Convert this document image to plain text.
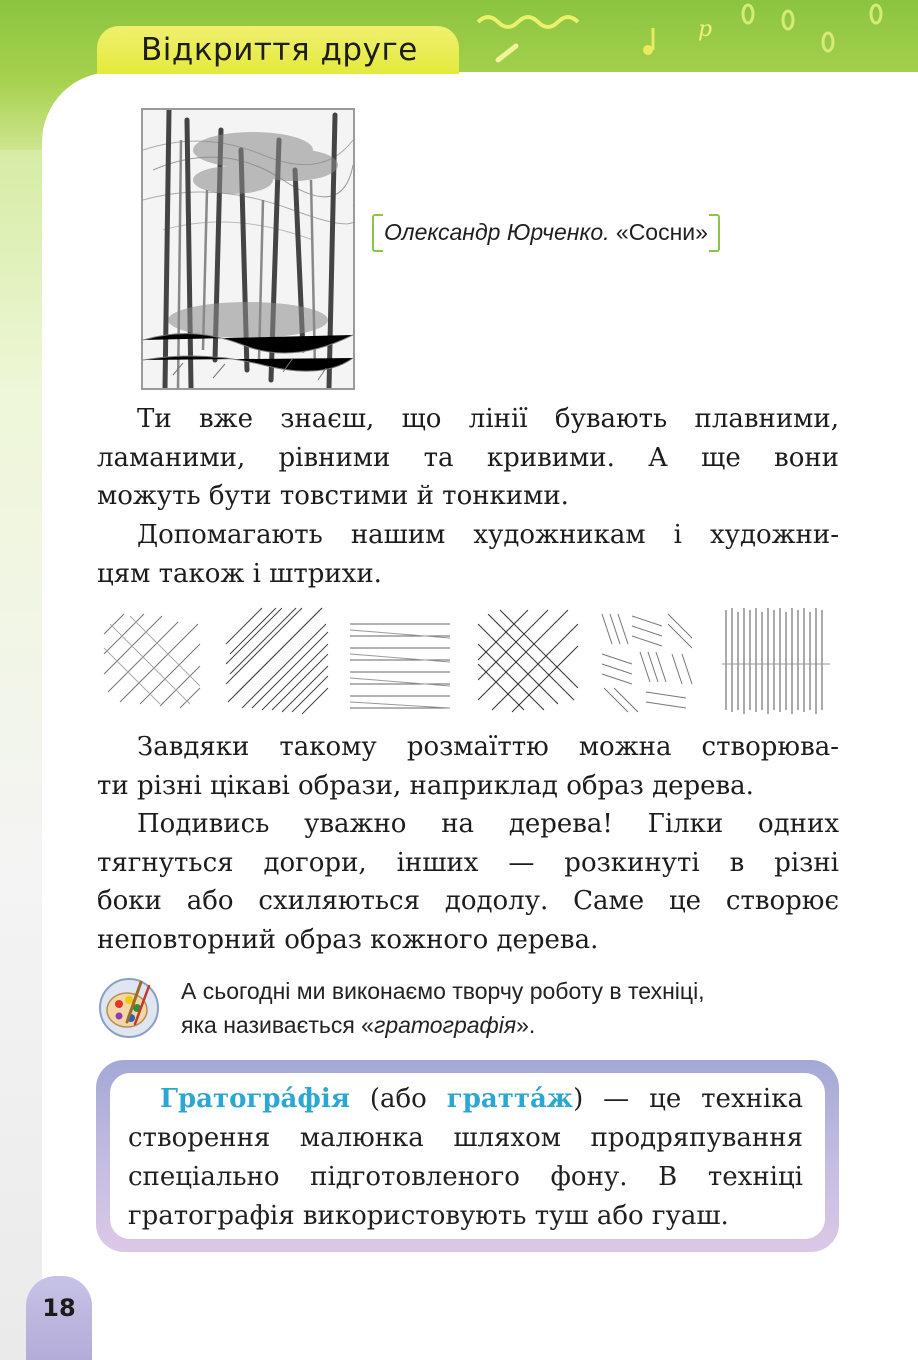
p
Відкриття друге
Олександр Юрченко. «Сосни»
Ти вже знаєш, що лінії бувають плавними,
ламаними, рівними та кривими. А ще вони
можуть бути товстими й тонкими.
Допомагають нашим художникам і художни-
цям також і штрихи.
Завдяки такому розмаїттю можна створюва-
ти різні цікаві образи, наприклад образ дерева.
Подивись уважно на дерева! Гілки одних
тягнуться догори, інших — розкинуті в різні
боки або схиляються додолу. Саме це створює
неповторний образ кожного дерева.
А сьогодні ми виконаємо творчу роботу в техніці,
яка називається «гратографія».
Гратогра́фія (або гратта́ж) — це техніка
створення малюнка шляхом продряпування
спеціально підготовленого фону. В техніці
гратографія використовують туш або гуаш.
18
